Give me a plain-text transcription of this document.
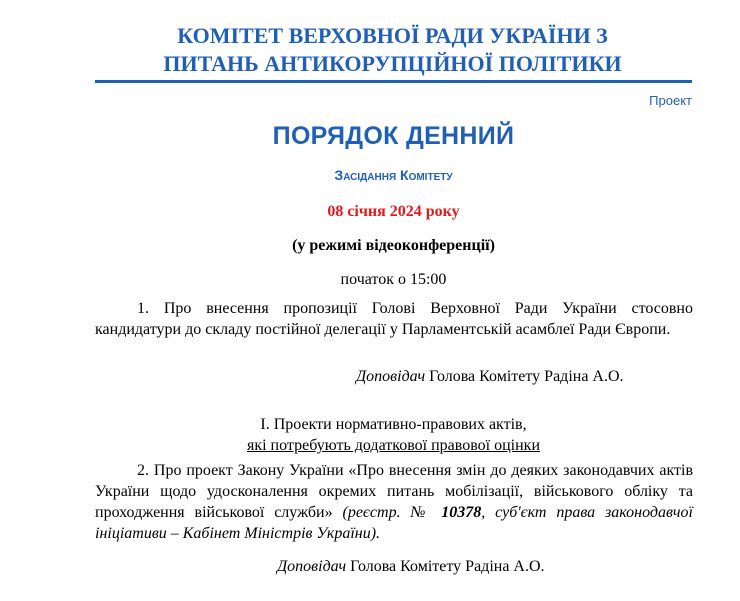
КОМІТЕТ ВЕРХОВНОЇ РАДИ УКРАЇНИ З
ПИТАНЬ АНТИКОРУПЦІЙНОЇ ПОЛІТИКИ
Проект
ПОРЯДОК ДЕННИЙ
Засідання Комітету
08 січня 2024 року
(у режимі відеоконференції)
початок о 15:00
1. Про внесення пропозиції Голові Верховної Ради України стосовно кандидатури до складу постійної делегації у Парламентській асамблеї Ради Європи.
Доповідач Голова Комітету Радіна А.О.
І. Проекти нормативно-правових актів,
які потребують додаткової правової оцінки
2. Про проект Закону України «Про внесення змін до деяких законодавчих актів України щодо удосконалення окремих питань мобілізації, військового обліку та проходження військової служби» (реєстр. № 10378, суб'єкт права законодавчої ініціативи – Кабінет Міністрів України).
Доповідач Голова Комітету Радіна А.О.
